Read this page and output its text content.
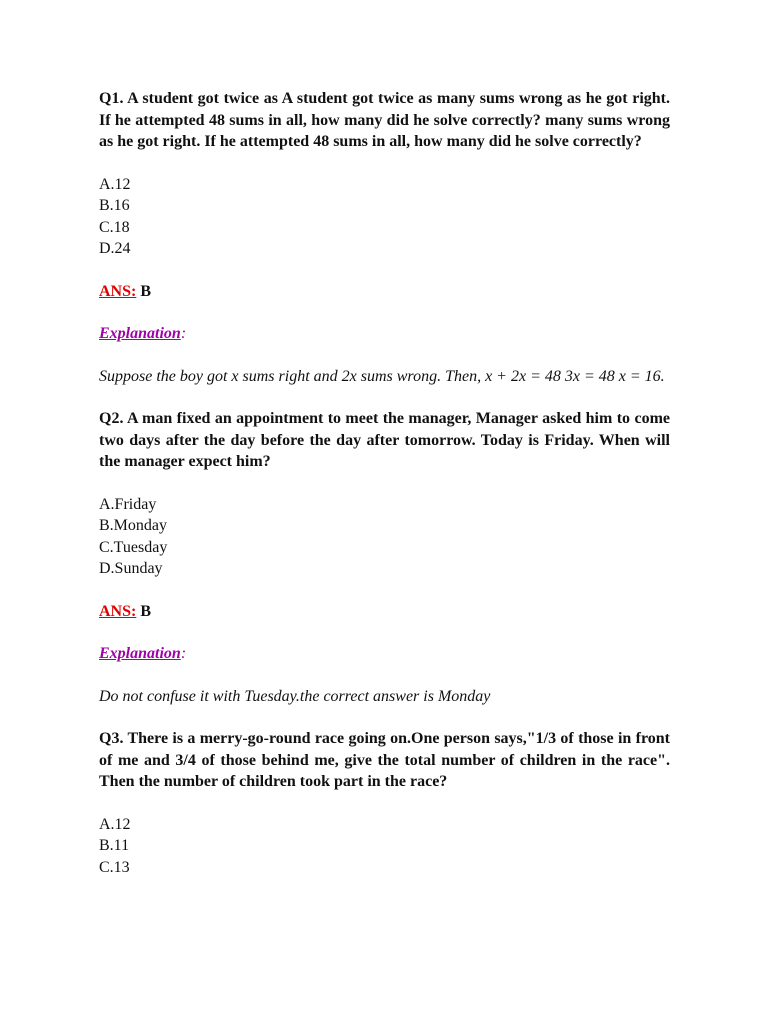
Q1. A student got twice as A student got twice as many sums wrong as he got right. If he attempted 48 sums in all, how many did he solve correctly? many sums wrong as he got right. If he attempted 48 sums in all, how many did he solve correctly?

A.12
B.16
C.18
D.24

ANS: B

Explanation:

Suppose the boy got x sums right and 2x sums wrong. Then, x + 2x = 48 3x = 48 x = 16.

Q2. A man fixed an appointment to meet the manager, Manager asked him to come two days after the day before the day after tomorrow. Today is Friday. When will the manager expect him?

A.Friday
B.Monday
C.Tuesday
D.Sunday

ANS: B

Explanation:

Do not confuse it with Tuesday.the correct answer is Monday

Q3. There is a merry-go-round race going on.One person says,"1/3 of those in front of me and 3/4 of those behind me, give the total number of children in the race". Then the number of children took part in the race?

A.12
B.11
C.13
